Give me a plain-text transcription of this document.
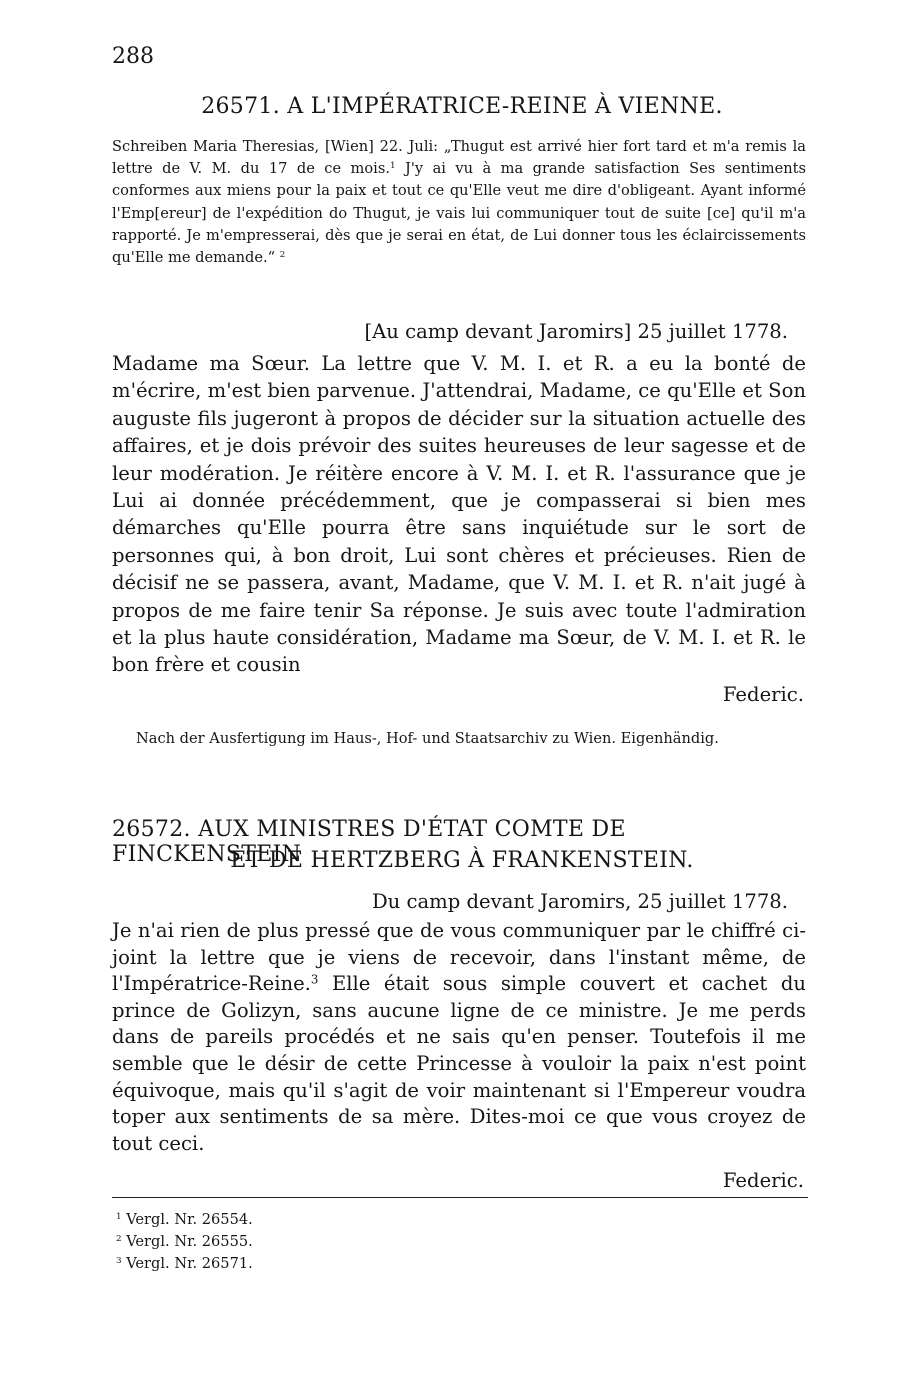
288
26571. A L'IMPÉRATRICE-REINE À VIENNE.

Schreiben Maria Theresias, [Wien] 22. Juli: „Thugut est arrivé hier fort tard et m'a remis la lettre de V. M. du 17 de ce mois.$^1$ J'y ai vu à ma grande satisfaction Ses sentiments conformes aux miens pour la paix et tout ce qu'Elle veut me dire d'obligeant. Ayant informé l'Emp[ereur] de l'expédition do Thugut, je vais lui communiquer tout de suite [ce] qu'il m'a rapporté. Je m'empresserai, dès que je serai en état, de Lui donner tous les éclaircissements qu'Elle me demande.“ $^2$

[Au camp devant Jaromirs] 25 juillet 1778.

Madame ma Sœur. La lettre que V. M. I. et R. a eu la bonté de m'écrire, m'est bien parvenue. J'attendrai, Madame, ce qu'Elle et Son auguste fils jugeront à propos de décider sur la situation actuelle des affaires, et je dois prévoir des suites heureuses de leur sagesse et de leur modération. Je réitère encore à V. M. I. et R. l'assurance que je Lui ai donnée précédemment, que je compasserai si bien mes démarches qu'Elle pourra être sans inquiétude sur le sort de personnes qui, à bon droit, Lui sont chères et précieuses. Rien de décisif ne se passera, avant, Madame, que V. M. I. et R. n'ait jugé à propos de me faire tenir Sa réponse. Je suis avec toute l'admiration et la plus haute considération, Madame ma Sœur, de V. M. I. et R. le bon frère et cousin

Federic.
Nach der Ausfertigung im Haus-, Hof- und Staatsarchiv zu Wien. Eigenhändig.
26572. AUX MINISTRES D'ÉTAT COMTE DE FINCKENSTEIN
ET DE HERTZBERG À FRANKENSTEIN.
Du camp devant Jaromirs, 25 juillet 1778.

Je n'ai rien de plus pressé que de vous communiquer par le chiffré ci-joint la lettre que je viens de recevoir, dans l'instant même, de l'Impératrice-Reine.$^3$ Elle était sous simple couvert et cachet du prince de Golizyn, sans aucune ligne de ce ministre. Je me perds dans de pareils procédés et ne sais qu'en penser. Toutefois il me semble que le désir de cette Princesse à vouloir la paix n'est point équivoque, mais qu'il s'agit de voir maintenant si l'Empereur voudra toper aux sentiments de sa mère. Dites-moi ce que vous croyez de tout ceci.

Federic.
$^1$ Vergl. Nr. 26554.
$^2$ Vergl. Nr. 26555.
$^3$ Vergl. Nr. 26571.
